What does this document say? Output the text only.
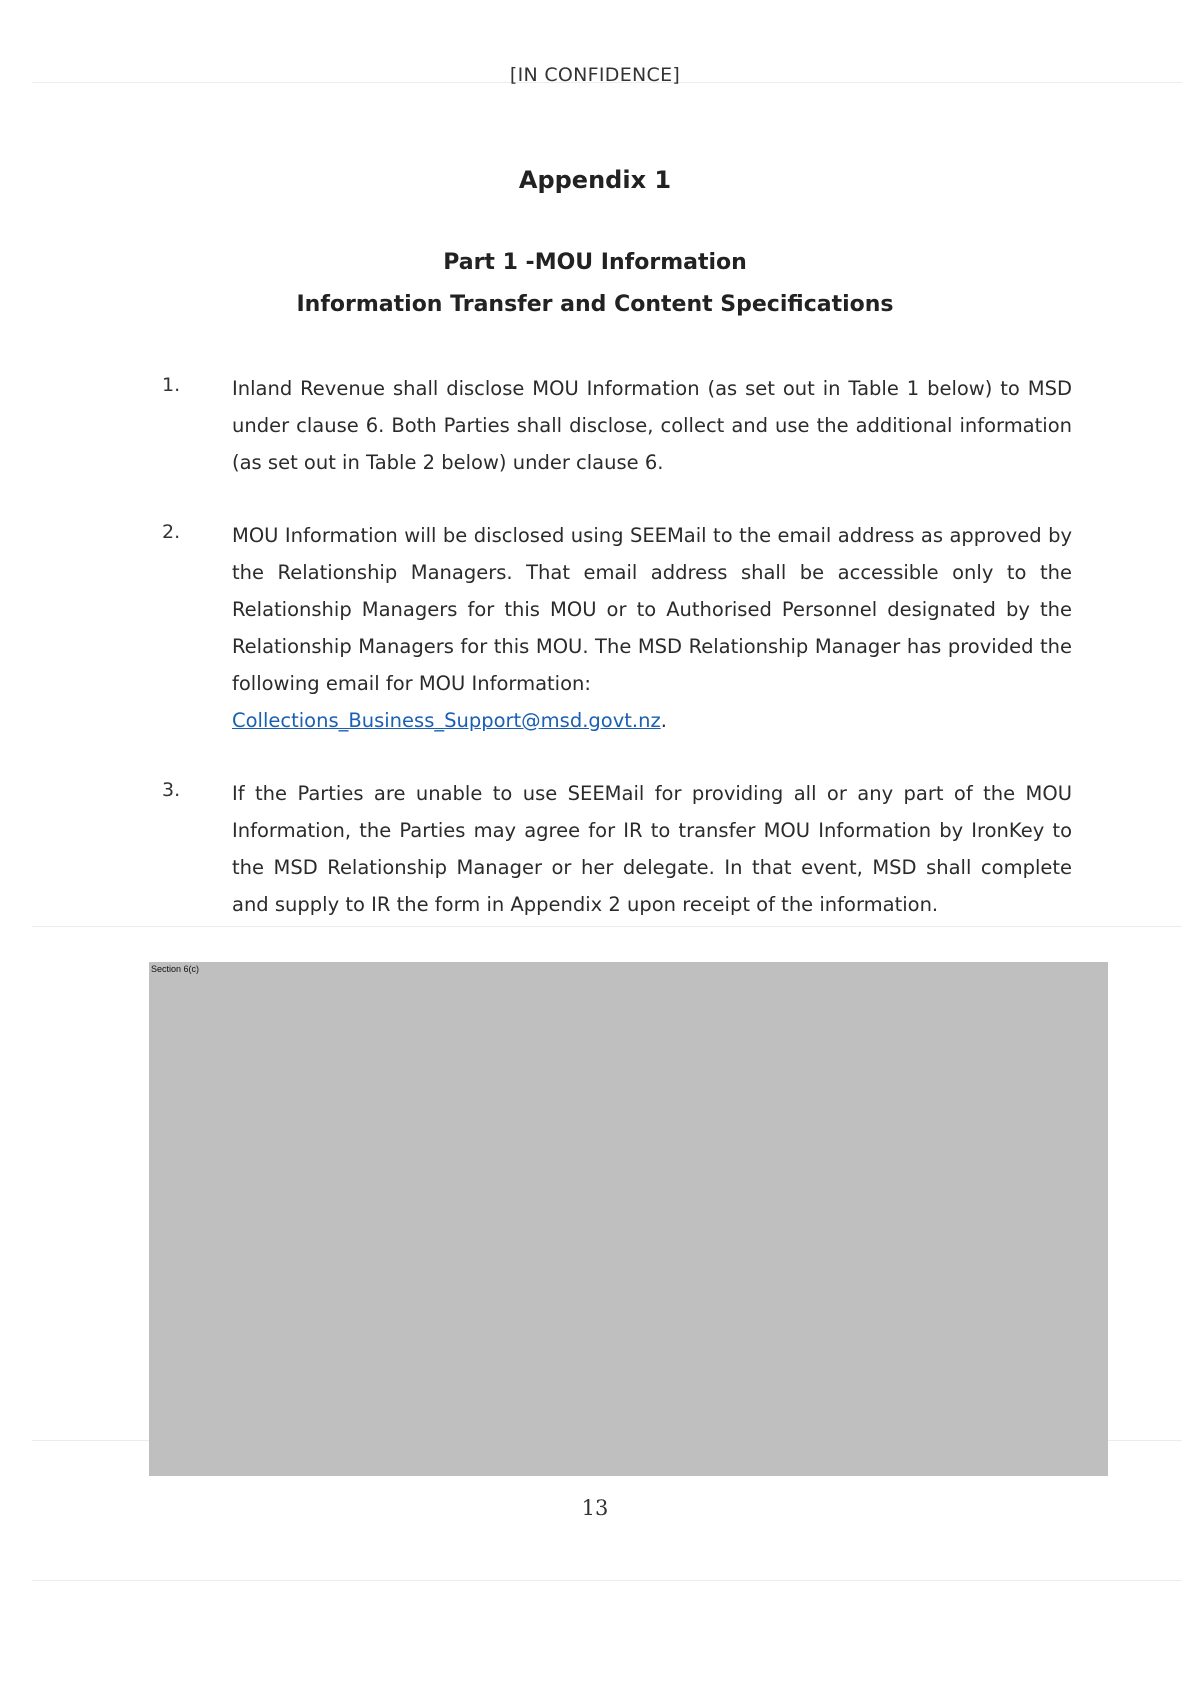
[IN CONFIDENCE]
Appendix 1
Part 1 -MOU Information
Information Transfer and Content Specifications
1.	Inland Revenue shall disclose MOU Information (as set out in Table 1 below) to MSD under clause 6. Both Parties shall disclose, collect and use the additional information (as set out in Table 2 below) under clause 6.
2.	MOU Information will be disclosed using SEEMail to the email address as approved by the Relationship Managers. That email address shall be accessible only to the Relationship Managers for this MOU or to Authorised Personnel designated by the Relationship Managers for this MOU. The MSD Relationship Manager has provided the following email for MOU Information:
Collections_Business_Support@msd.govt.nz.
3.	If the Parties are unable to use SEEMail for providing all or any part of the MOU Information, the Parties may agree for IR to transfer MOU Information by IronKey to the MSD Relationship Manager or her delegate. In that event, MSD shall complete and supply to IR the form in Appendix 2 upon receipt of the information.
Section 6(c)
13
